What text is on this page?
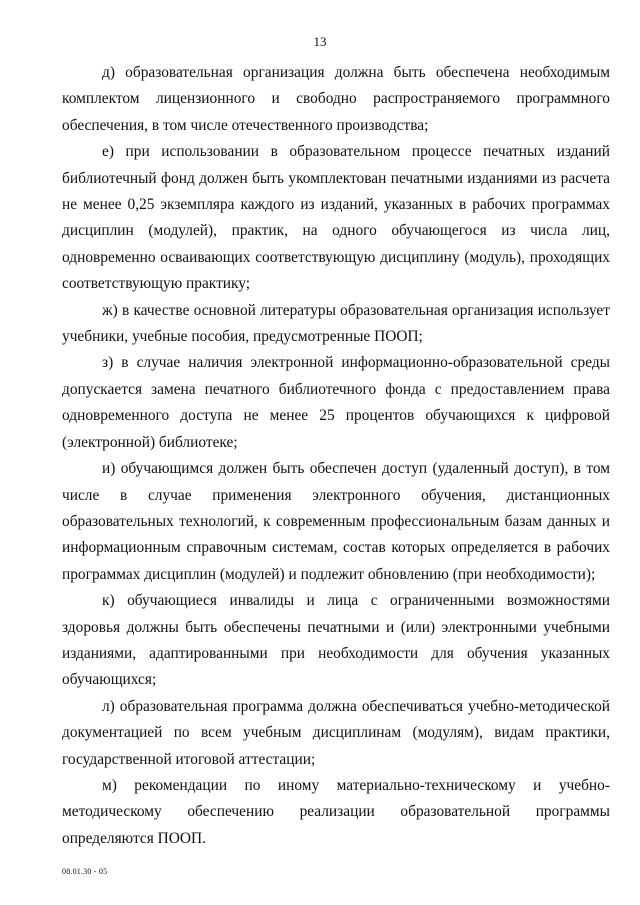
13

д) образовательная организация должна быть обеспечена необходимым комплектом лицензионного и свободно распространяемого программного обеспечения, в том числе отечественного производства;

е) при использовании в образовательном процессе печатных изданий библиотечный фонд должен быть укомплектован печатными изданиями из расчета не менее 0,25 экземпляра каждого из изданий, указанных в рабочих программах дисциплин (модулей), практик, на одного обучающегося из числа лиц, одновременно осваивающих соответствующую дисциплину (модуль), проходящих соответствующую практику;

ж) в качестве основной литературы образовательная организация использует учебники, учебные пособия, предусмотренные ПООП;

з) в случае наличия электронной информационно-образовательной среды допускается замена печатного библиотечного фонда с предоставлением права одновременного доступа не менее 25 процентов обучающихся к цифровой (электронной) библиотеке;

и) обучающимся должен быть обеспечен доступ (удаленный доступ), в том числе в случае применения электронного обучения, дистанционных образовательных технологий, к современным профессиональным базам данных и информационным справочным системам, состав которых определяется в рабочих программах дисциплин (модулей) и подлежит обновлению (при необходимости);

к) обучающиеся инвалиды и лица с ограниченными возможностями здоровья должны быть обеспечены печатными и (или) электронными учебными изданиями, адаптированными при необходимости для обучения указанных обучающихся;

л) образовательная программа должна обеспечиваться учебно-методической документацией по всем учебным дисциплинам (модулям), видам практики, государственной итоговой аттестации;

м) рекомендации по иному материально-техническому и учебно-методическому обеспечению реализации образовательной программы определяются ПООП.

08.01.30 - 05
